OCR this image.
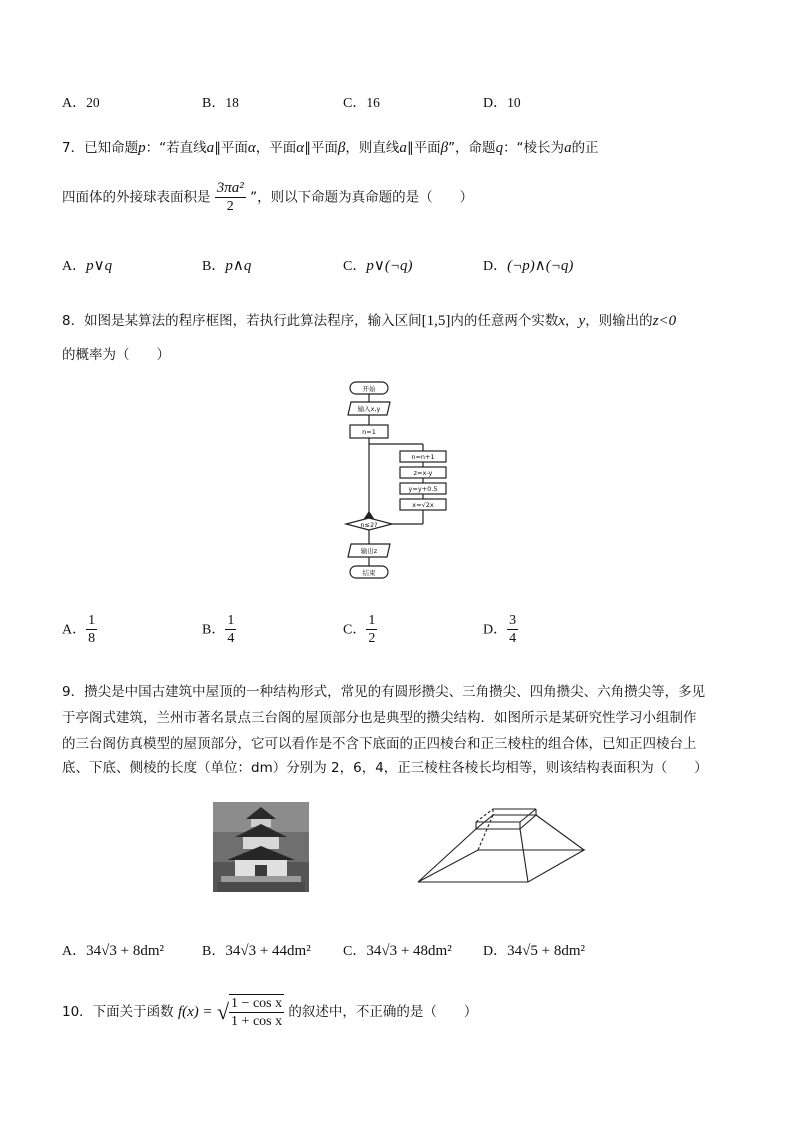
A．20	B．18	C．16	D．10
7．已知命题p：“若直线a∥平面α，平面α∥平面β，则直线a∥平面β”，命题q：“棱长为a的正
四面体的外接球表面积是 $\frac{\text{3πa²}}{2}$ ”，则以下命题为真命题的是（　　）
A．p∨q	B．p∧q	C．p∨(¬q)	D．(¬p)∧(¬q)
8．如图是某算法的程序框图，若执行此算法程序，输入区间[1,5]内的任意两个实数x，y，则输出的z<0
的概率为（　　）
开始
输入x,y
n=1
n=n+1
z=x-y
y=y+0.5
x=√2x
n≤2?
输出z
结束
A． $\frac{1}{8}$	B． $\frac{1}{4}$	C． $\frac{1}{2}$	D． $\frac{3}{4}$
9．攒尖是中国古建筑中屋顶的一种结构形式，常见的有圆形攒尖、三角攒尖、四角攒尖、六角攒尖等，多见
于亭阁式建筑，兰州市著名景点三台阁的屋顶部分也是典型的攒尖结构．如图所示是某研究性学习小组制作
的三台阁仿真模型的屋顶部分，它可以看作是不含下底面的正四棱台和正三棱柱的组合体，已知正四棱台上
底、下底、侧棱的长度（单位：dm）分别为 2，6，4，正三棱柱各棱长均相等，则该结构表面积为（　　）
A．34√3 + 8dm²	B．34√3 + 44dm² C．34√3 + 48dm² D．34√5 + 8dm²
10．下面关于函数 f(x) = √ $\frac{\text{1 − cos x}}{\text{1 + cos x}}$ 的叙述中，不正确的是（　　）
